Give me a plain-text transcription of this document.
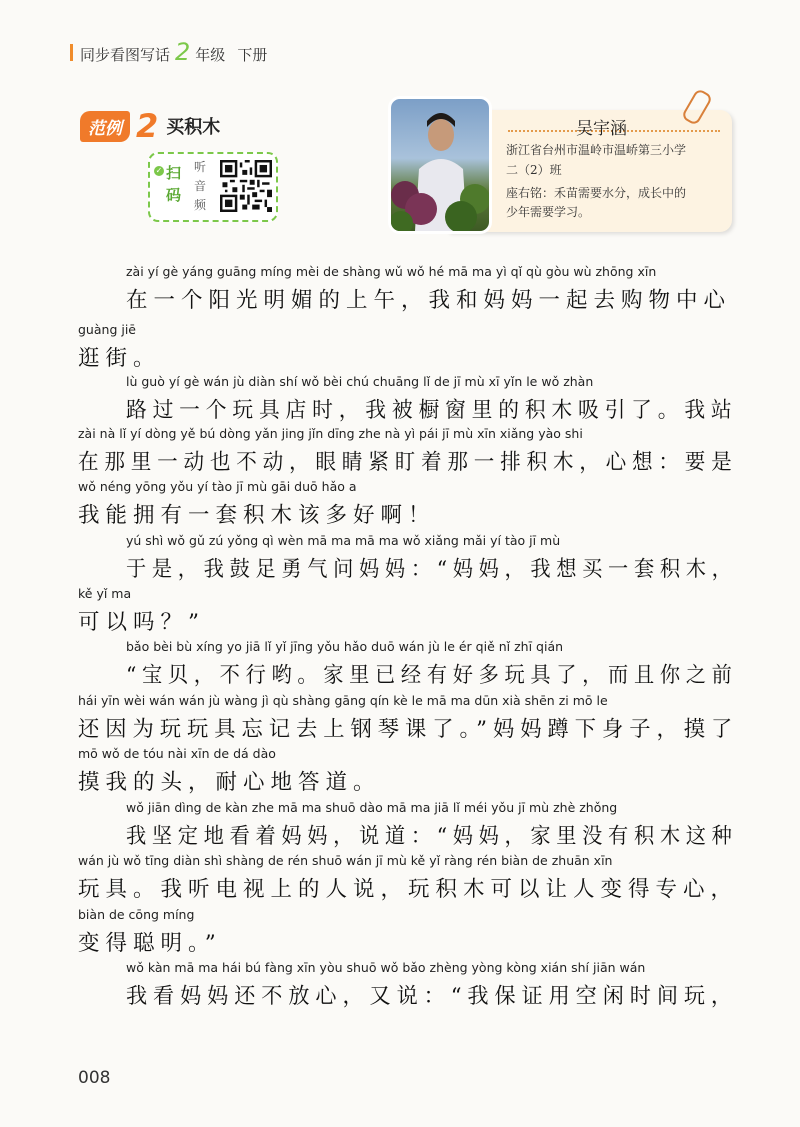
同步看图写话 2 年级 下册
范例 2 买积木
✓ 扫码
听音频
吴宇涵
浙江省台州市温岭市温峤第三小学
二（2）班
座右铭：禾苗需要水分，成长中的
少年需要学习。
zài yí gè yáng guāng míng mèi de shàng wǔ wǒ hé mā ma yì qǐ qù gòu wù zhōng xīn
在一个阳光明媚的上午，我和妈妈一起去购物中心
guàng jiē
逛街。
lù guò yí gè wán jù diàn shí wǒ bèi chú chuāng lǐ de jī mù xī yǐn le wǒ zhàn
路过一个玩具店时，我被橱窗里的积木吸引了。我站
zài nà lǐ yí dòng yě bú dòng yǎn jing jǐn dīng zhe nà yì pái jī mù xīn xiǎng yào shi
在那里一动也不动，眼睛紧盯着那一排积木，心想：要是
wǒ néng yōng yǒu yí tào jī mù gāi duō hǎo a
我能拥有一套积木该多好啊！
yú shì wǒ gǔ zú yǒng qì wèn mā ma mā ma wǒ xiǎng mǎi yí tào jī mù
于是，我鼓足勇气问妈妈：“妈妈，我想买一套积木，
kě yǐ ma
可以吗？”
bǎo bèi bù xíng yo jiā lǐ yǐ jīng yǒu hǎo duō wán jù le ér qiě nǐ zhī qián
“宝贝，不行哟。家里已经有好多玩具了，而且你之前
hái yīn wèi wán wán jù wàng jì qù shàng gāng qín kè le mā ma dūn xià shēn zi mō le
还因为玩玩具忘记去上钢琴课了。”妈妈蹲下身子，摸了
mō wǒ de tóu nài xīn de dá dào
摸我的头，耐心地答道。
wǒ jiān dìng de kàn zhe mā ma shuō dào mā ma jiā lǐ méi yǒu jī mù zhè zhǒng
我坚定地看着妈妈，说道：“妈妈，家里没有积木这种
wán jù wǒ tīng diàn shì shàng de rén shuō wán jī mù kě yǐ ràng rén biàn de zhuān xīn
玩具。我听电视上的人说，玩积木可以让人变得专心，
biàn de cōng míng
变得聪明。”
wǒ kàn mā ma hái bú fàng xīn yòu shuō wǒ bǎo zhèng yòng kòng xián shí jiān wán
我看妈妈还不放心，又说：“我保证用空闲时间玩，
008
